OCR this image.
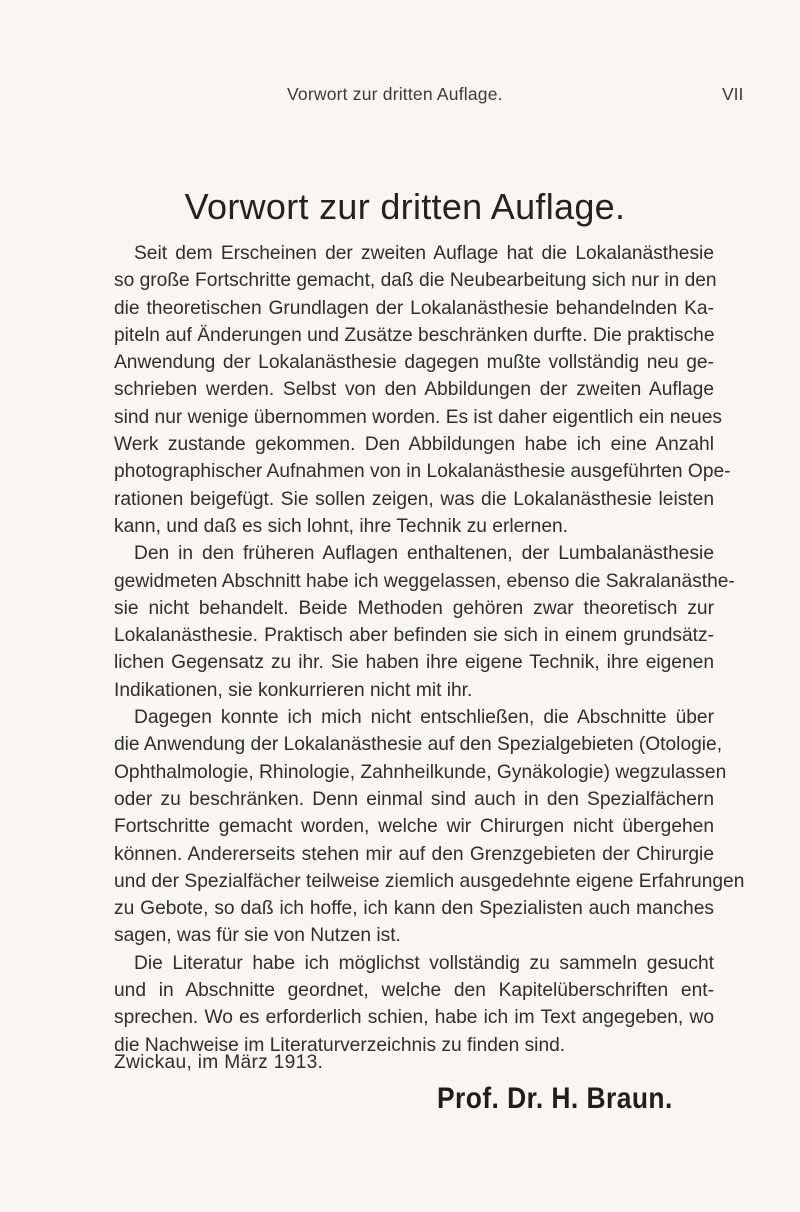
Vorwort zur dritten Auflage.	VII
Vorwort zur dritten Auflage.
Seit dem Erscheinen der zweiten Auflage hat die Lokalanästhesie
so große Fortschritte gemacht, daß die Neubearbeitung sich nur in den
die theoretischen Grundlagen der Lokalanästhesie behandelnden Ka-
piteln auf Änderungen und Zusätze beschränken durfte. Die praktische
Anwendung der Lokalanästhesie dagegen mußte vollständig neu ge-
schrieben werden. Selbst von den Abbildungen der zweiten Auflage
sind nur wenige übernommen worden. Es ist daher eigentlich ein neues
Werk zustande gekommen. Den Abbildungen habe ich eine Anzahl
photographischer Aufnahmen von in Lokalanästhesie ausgeführten Ope-
rationen beigefügt. Sie sollen zeigen, was die Lokalanästhesie leisten
kann, und daß es sich lohnt, ihre Technik zu erlernen.
Den in den früheren Auflagen enthaltenen, der Lumbalanästhesie
gewidmeten Abschnitt habe ich weggelassen, ebenso die Sakralanästhe-
sie nicht behandelt. Beide Methoden gehören zwar theoretisch zur
Lokalanästhesie. Praktisch aber befinden sie sich in einem grundsätz-
lichen Gegensatz zu ihr. Sie haben ihre eigene Technik, ihre eigenen
Indikationen, sie konkurrieren nicht mit ihr.
Dagegen konnte ich mich nicht entschließen, die Abschnitte über
die Anwendung der Lokalanästhesie auf den Spezialgebieten (Otologie,
Ophthalmologie, Rhinologie, Zahnheilkunde, Gynäkologie) wegzulassen
oder zu beschränken. Denn einmal sind auch in den Spezialfächern
Fortschritte gemacht worden, welche wir Chirurgen nicht übergehen
können. Andererseits stehen mir auf den Grenzgebieten der Chirurgie
und der Spezialfächer teilweise ziemlich ausgedehnte eigene Erfahrungen
zu Gebote, so daß ich hoffe, ich kann den Spezialisten auch manches
sagen, was für sie von Nutzen ist.
Die Literatur habe ich möglichst vollständig zu sammeln gesucht
und in Abschnitte geordnet, welche den Kapitelüberschriften ent-
sprechen. Wo es erforderlich schien, habe ich im Text angegeben, wo
die Nachweise im Literaturverzeichnis zu finden sind.
Zwickau, im März 1913.
Prof. Dr. H. Braun.
